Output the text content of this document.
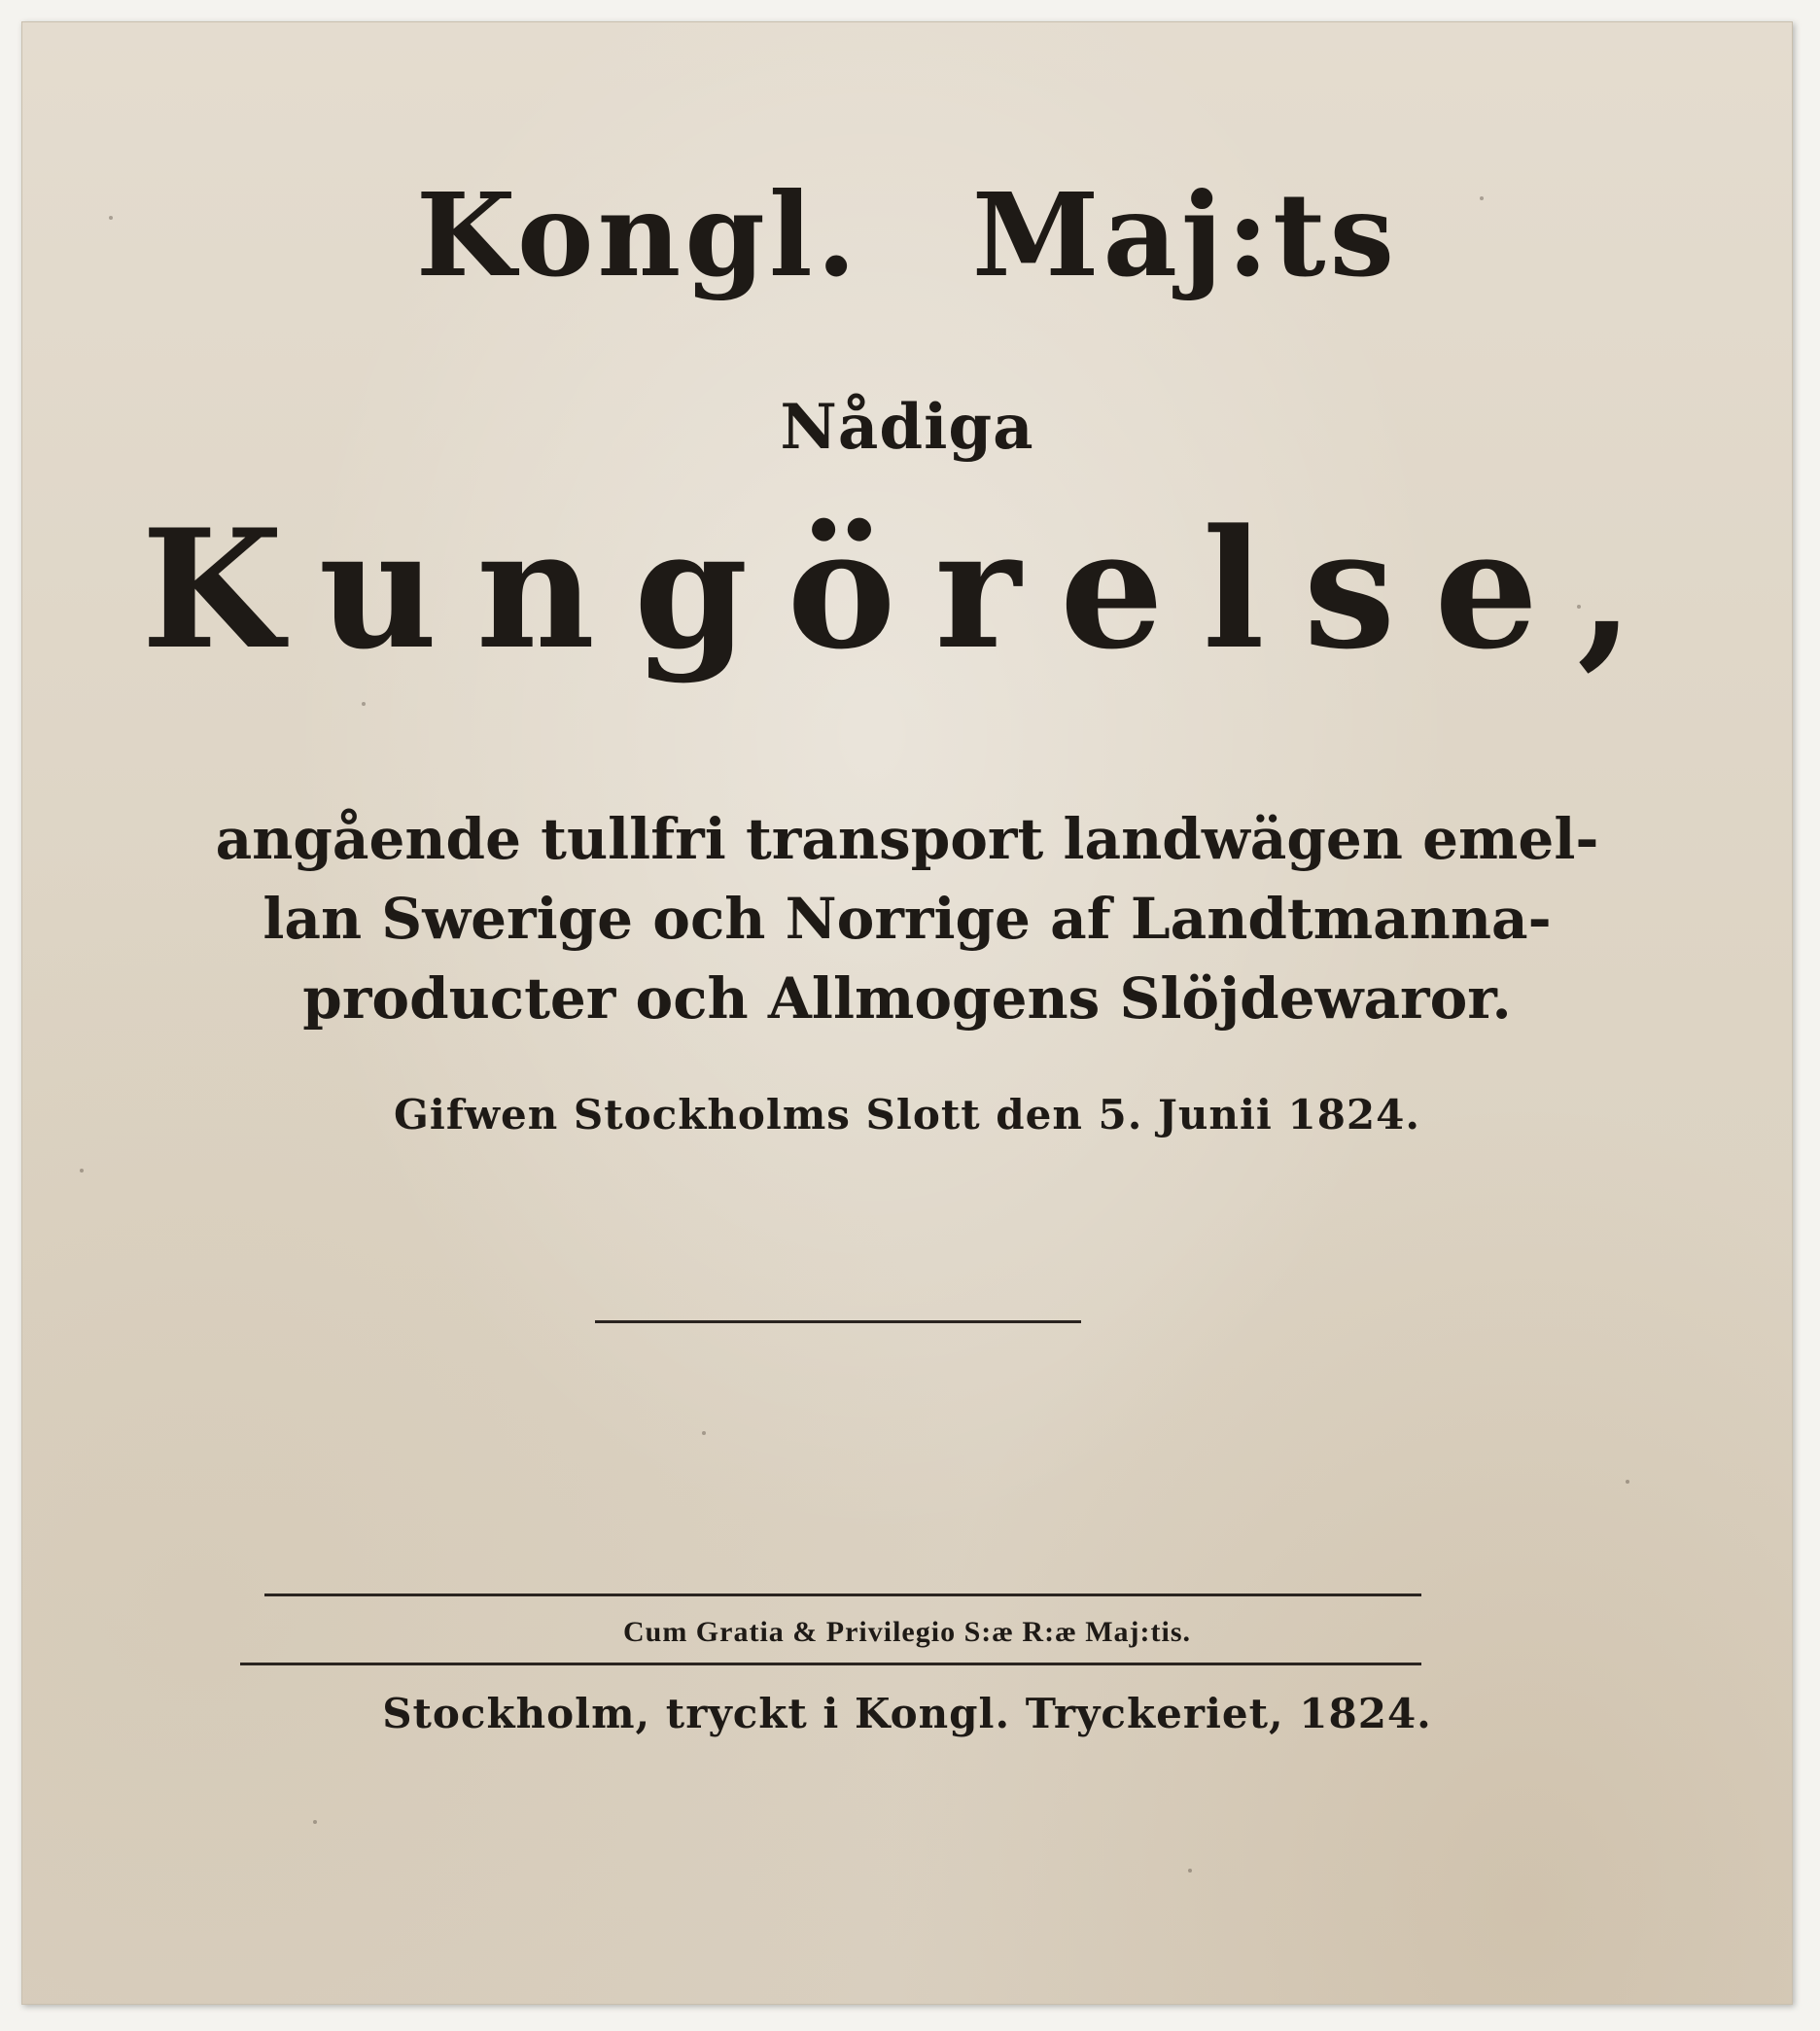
Kongl. Maj:ts
Nådiga
Kungörelse,
angående tullfri transport landwägen emel-
lan Swerige och Norrige af Landtmanna-
producter och Allmogens Slöjdewaror.
Gifwen Stockholms Slott den 5. Junii 1824.
Cum Gratia & Privilegio S:æ R:æ Maj:tis.
Stockholm, tryckt i Kongl. Tryckeriet, 1824.
